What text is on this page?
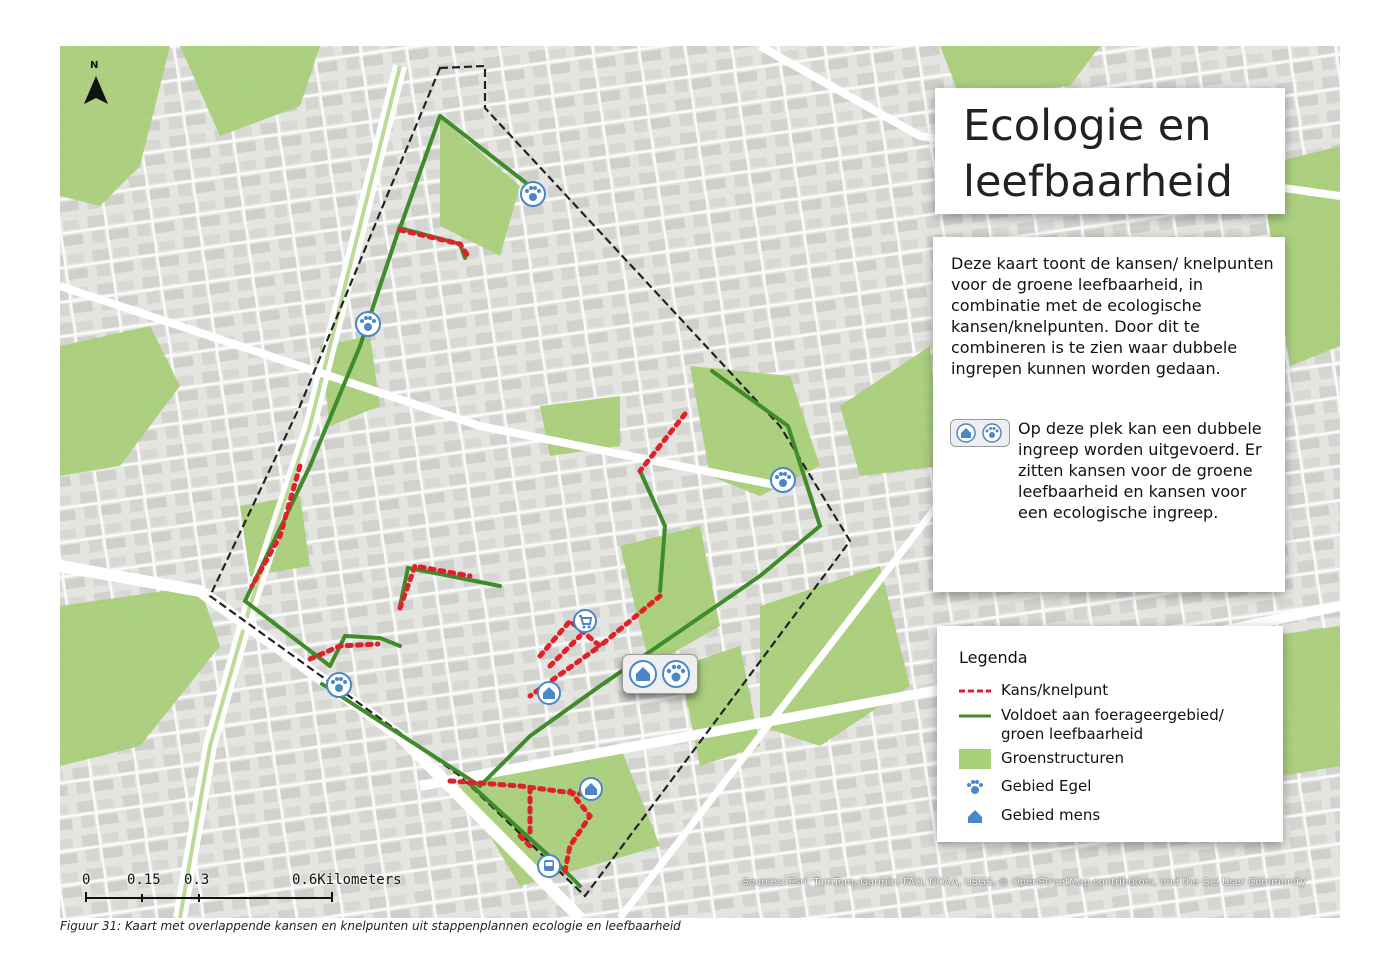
N
Ecologie en leefbaarheid
Deze kaart toont de kansen/ knelpunten voor de groene leefbaarheid, in combinatie met de ecologische kansen/knelpunten. Door dit te combineren is te zien waar dubbele ingrepen kunnen worden gedaan.
Op deze plek kan een dubbele ingreep worden uitgevoerd. Er zitten kansen voor de groene leefbaarheid en kansen voor een ecologische ingreep.
Legenda
Kans/knelpunt
Voldoet aan foerageergebied/ groen leefbaarheid
Groenstructuren
Gebied Egel
Gebied mens
0	0.15 0.3	0.6Kilometers	Sources: Esri, TomTom, Garmin, FAO, NOAA, USGS, © OpenStreetMap contributors, and the GIS User Community
Figuur 31: Kaart met overlappende kansen en knelpunten uit stappenplannen ecologie en leefbaarheid
